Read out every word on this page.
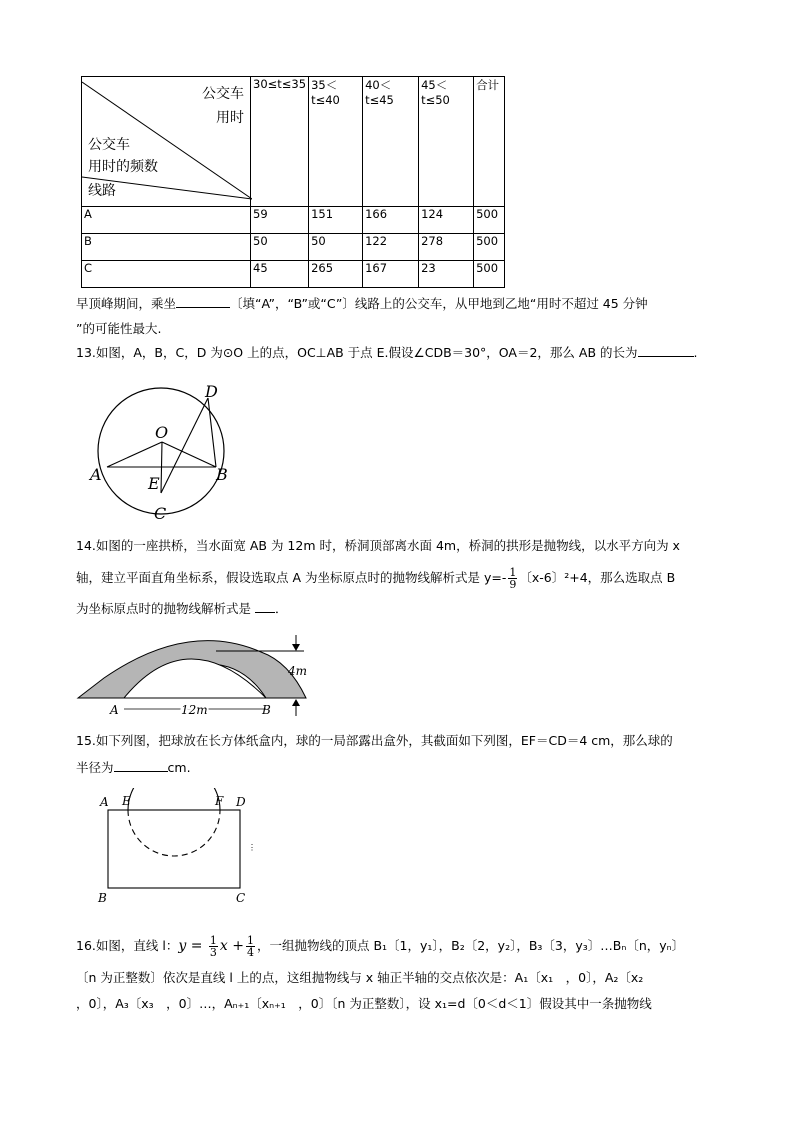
公交车
用时
公交车
用时的频数
线路	30≤t≤35	35＜t≤40	40＜t≤45	45＜t≤50	合计
A	59	151	166	124	500
B	50	50	122	278	500
C	45	265	167	23	500
早顶峰期间，乘坐	〔填“A”，“B”或“C”〕线路上的公交车，从甲地到乙地“用时不超过 45 分钟
”的可能性最大.
13.如图，A，B，C，D 为⊙O 上的点，OC⊥AB 于点 E.假设∠CDB＝30°，OA＝2，那么 AB 的长为	.
D
O
A	E	B
C
14.如图的一座拱桥，当水面宽 AB 为 12m 时，桥洞顶部离水面 4m，桥洞的拱形是抛物线，以水平方向为 x
轴，建立平面直角坐标系，假设选取点 A 为坐标原点时的抛物线解析式是 $y=- \frac{1}{9}$ 〔x-6〕²+4，那么选取点 B
为坐标原点时的抛物线解析式是 ．
4m
A	12m	B
15.如下列图，把球放在长方体纸盒内，球的一局部露出盒外，其截面如下列图，EF＝CD＝4 cm，那么球的
半径为	cm.
⋮
A E	F D
B	C
16.如图，直线 l：$y = \frac{1}{3}$ $x + \frac{1}{4}$ ，一组抛物线的顶点 B₁〔1，y₁〕，B₂〔2，y₂〕，B₃〔3，y₃〕…Bₙ〔n，yₙ〕
〔n 为正整数〕依次是直线 l 上的点，这组抛物线与 x 轴正半轴的交点依次是：A₁〔x₁　，0〕，A₂〔x₂
，0〕，A₃〔x₃　，0〕…，Aₙ₊₁〔xₙ₊₁　，0〕〔n 为正整数〕，设 x₁=d〔0＜d＜1〕假设其中一条抛物线
